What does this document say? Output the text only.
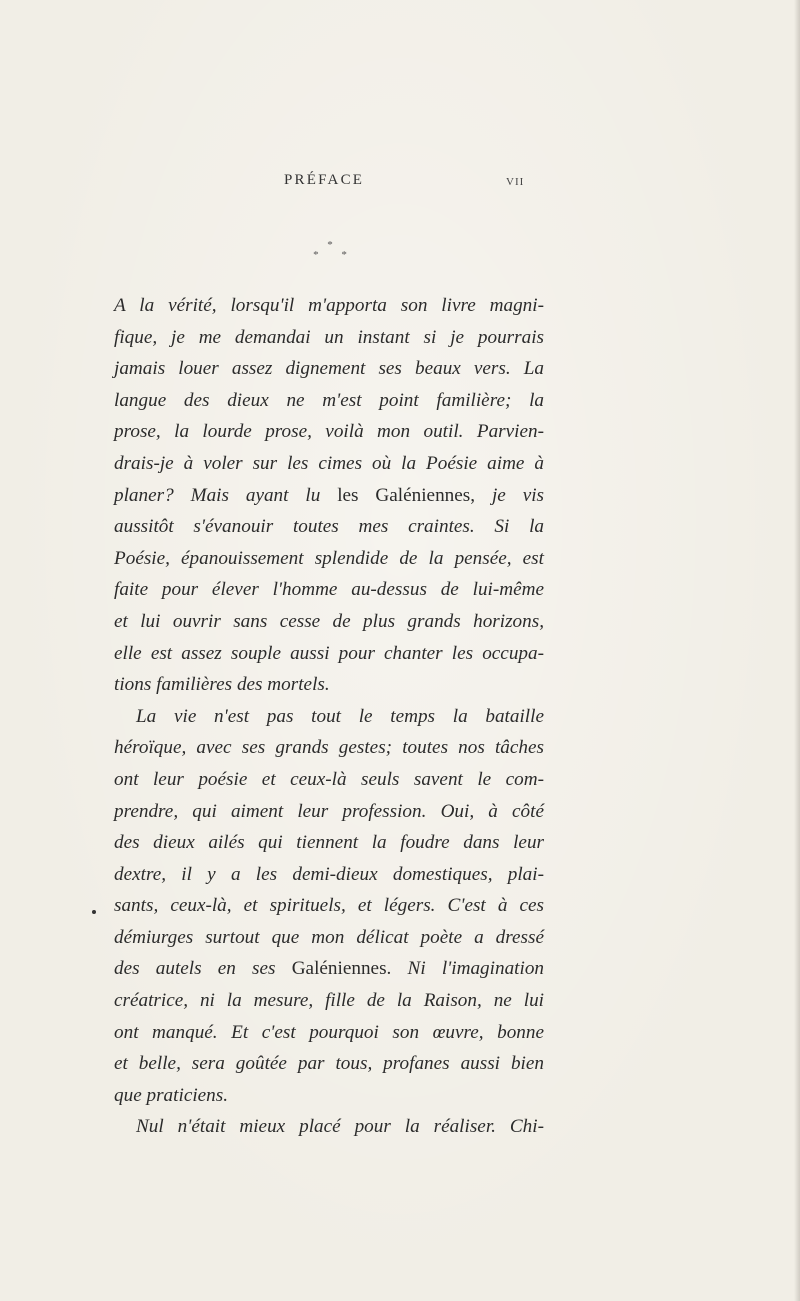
PRÉFACE	VII
*
* *
A la vérité, lorsqu'il m'apporta son livre magni-
fique, je me demandai un instant si je pourrais
jamais louer assez dignement ses beaux vers. La
langue des dieux ne m'est point familière; la
prose, la lourde prose, voilà mon outil. Parvien-
drais-je à voler sur les cimes où la Poésie aime à
planer? Mais ayant lu les Galéniennes, je vis
aussitôt s'évanouir toutes mes craintes. Si la
Poésie, épanouissement splendide de la pensée, est
faite pour élever l'homme au-dessus de lui-même
et lui ouvrir sans cesse de plus grands horizons,
elle est assez souple aussi pour chanter les occupa-
tions familières des mortels.
La vie n'est pas tout le temps la bataille
héroïque, avec ses grands gestes; toutes nos tâches
ont leur poésie et ceux-là seuls savent le com-
prendre, qui aiment leur profession. Oui, à côté
des dieux ailés qui tiennent la foudre dans leur
dextre, il y a les demi-dieux domestiques, plai-
sants, ceux-là, et spirituels, et légers. C'est à ces
démiurges surtout que mon délicat poète a dressé
des autels en ses Galéniennes. Ni l'imagination
créatrice, ni la mesure, fille de la Raison, ne lui
ont manqué. Et c'est pourquoi son œuvre, bonne
et belle, sera goûtée par tous, profanes aussi bien
que praticiens.
Nul n'était mieux placé pour la réaliser. Chi-
